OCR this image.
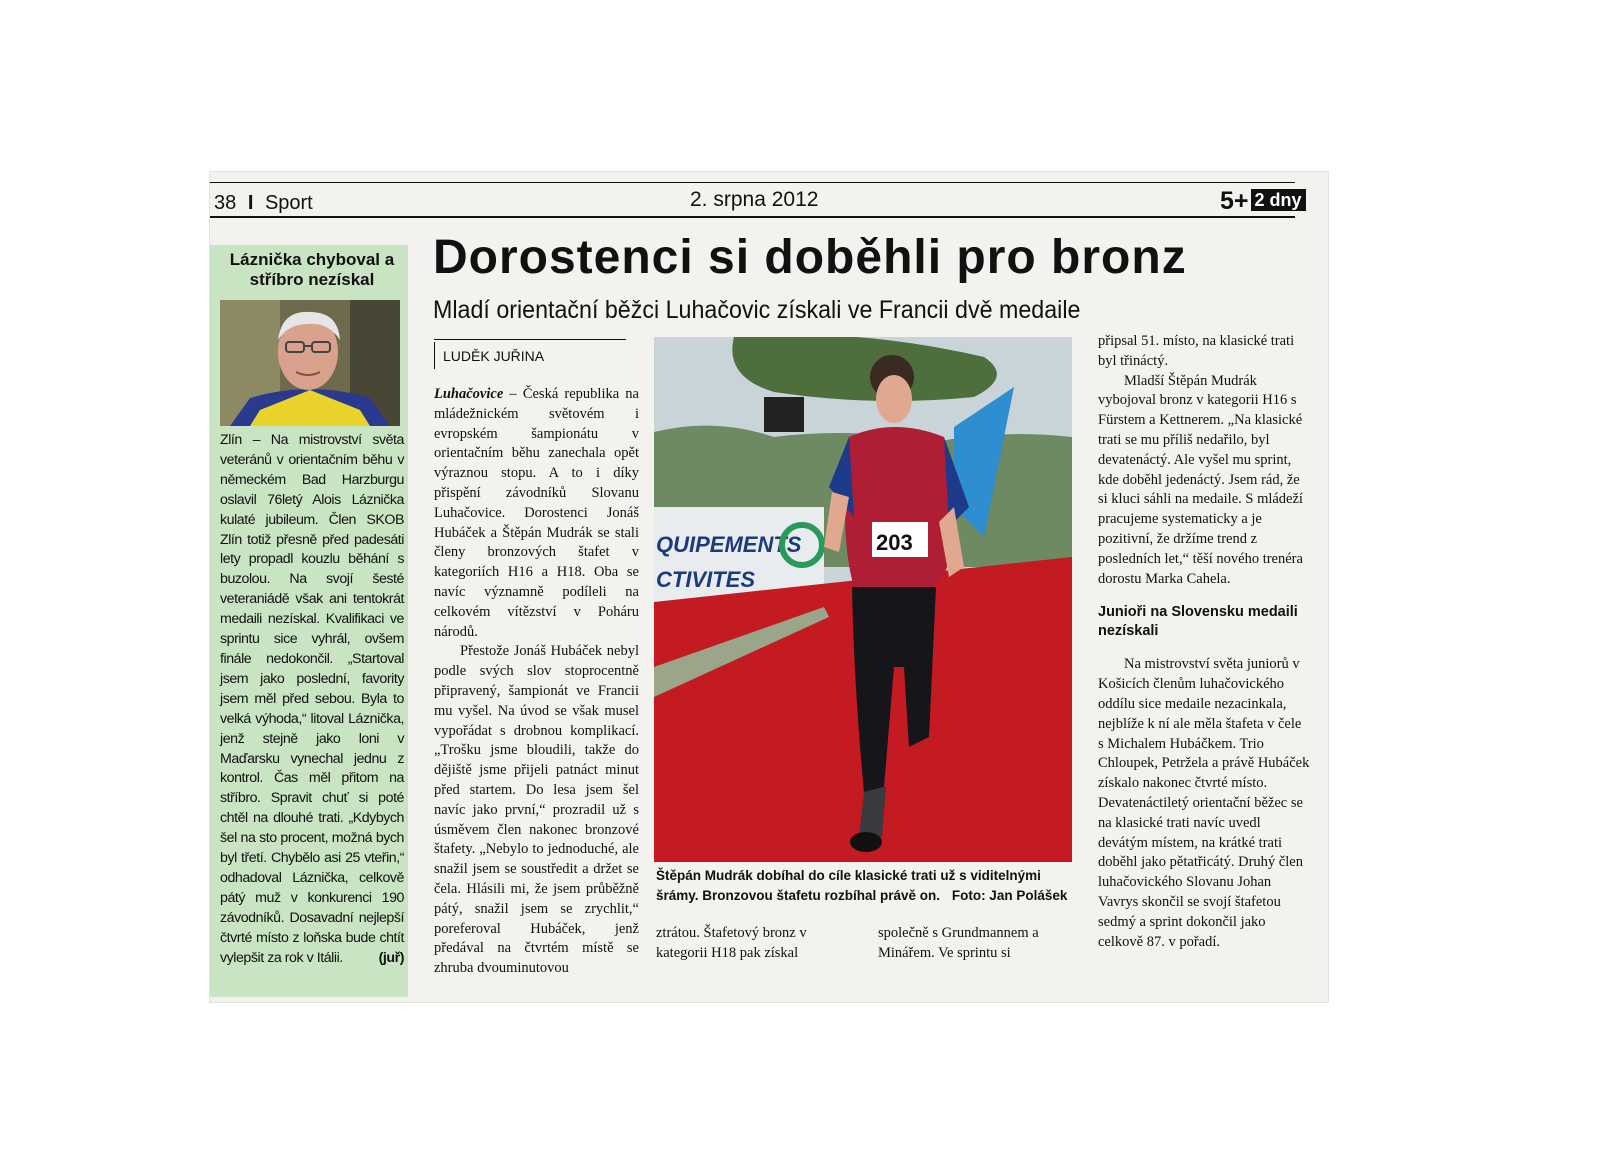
38 I Sport	2. srpna 2012	5+ 2 dny
Láznička chyboval a stříbro nezískal
Zlín – Na mistrovství světa veteránů v orientačním běhu v německém Bad Harzburgu oslavil 76letý Alois Láznička kulaté jubileum. Člen SKOB Zlín totiž přesně před padesáti lety propadl kouzlu běhání s buzolou. Na svojí šesté veteraniádě však ani tentokrát medaili nezískal. Kvalifikaci ve sprintu sice vyhrál, ovšem finále nedokončil. „Startoval jsem jako poslední, favority jsem měl před sebou. Byla to velká výhoda,“ litoval Láznička, jenž stejně jako loni v Maďarsku vynechal jednu z kontrol. Čas měl přitom na stříbro. Spravit chuť si poté chtěl na dlouhé trati. „Kdybych šel na sto procent, možná bych byl třetí. Chybělo asi 25 vteřin,“ odhadoval Láznička, celkově pátý muž v konkurenci 190 závodníků. Dosavadní nejlepší čtvrté místo z loňska bude chtít vylepšit za rok v Itálii.	(juř)
Dorostenci si doběhli pro bronz
Mladí orientační běžci Luhačovic získali ve Francii dvě medaile
LUDĚK JUŘINA

Luhačovice – Česká republika na mládežnickém světovém i evropském šampionátu v orientačním běhu zanechala opět výraznou stopu. A to i díky přispění závodníků Slovanu Luhačovice. Dorostenci Jonáš Hubáček a Štěpán Mudrák se stali členy bronzových štafet v kategoriích H16 a H18. Oba se navíc významně podíleli na celkovém vítězství v Poháru národů.

Přestože Jonáš Hubáček nebyl podle svých slov stoprocentně připravený, šampionát ve Francii mu vyšel. Na úvod se však musel vypořádat s drobnou komplikací. „Trošku jsme bloudili, takže do dějiště jsme přijeli patnáct minut před startem. Do lesa jsem šel navíc jako první,“ prozradil už s úsměvem člen nakonec bronzové štafety. „Nebylo to jednoduché, ale snažil jsem se soustředit a držet se čela. Hlásili mi, že jsem průběžně pátý, snažil jsem se zrychlit,“ poreferoval Hubáček, jenž předával na čtvrtém místě se zhruba dvouminutovou

QUIPEMENTS
CTIVITES
203
Štěpán Mudrák dobíhal do cíle klasické trati už s viditelnými šrámy. Bronzovou štafetu rozbíhal právě on. Foto: Jan Polášek
ztrátou. Štafetový bronz v kategorii H18 pak získal
společně s Grundmannem a Minářem. Ve sprintu si

připsal 51. místo, na klasické trati byl třináctý.

Mladší Štěpán Mudrák vybojoval bronz v kategorii H16 s Fürstem a Kettnerem. „Na klasické trati se mu příliš nedařilo, byl devatenáctý. Ale vyšel mu sprint, kde doběhl jedenáctý. Jsem rád, že si kluci sáhli na medaile. S mládeží pracujeme systematicky a je pozitivní, že držíme trend z posledních let,“ těší nového trenéra dorostu Marka Cahela.

Junioři na Slovensku medaili nezískali

Na mistrovství světa juniorů v Košicích členům luhačovického oddílu sice medaile nezacinkala, nejblíže k ní ale měla štafeta v čele s Michalem Hubáčkem. Trio Chloupek, Petržela a právě Hubáček získalo nakonec čtvrté místo. Devatenáctiletý orientační běžec se na klasické trati navíc uvedl devátým místem, na krátké trati doběhl jako pětatřicátý. Druhý člen luhačovického Slovanu Johan Vavrys skončil se svojí štafetou sedmý a sprint dokončil jako celkově 87. v pořadí.
